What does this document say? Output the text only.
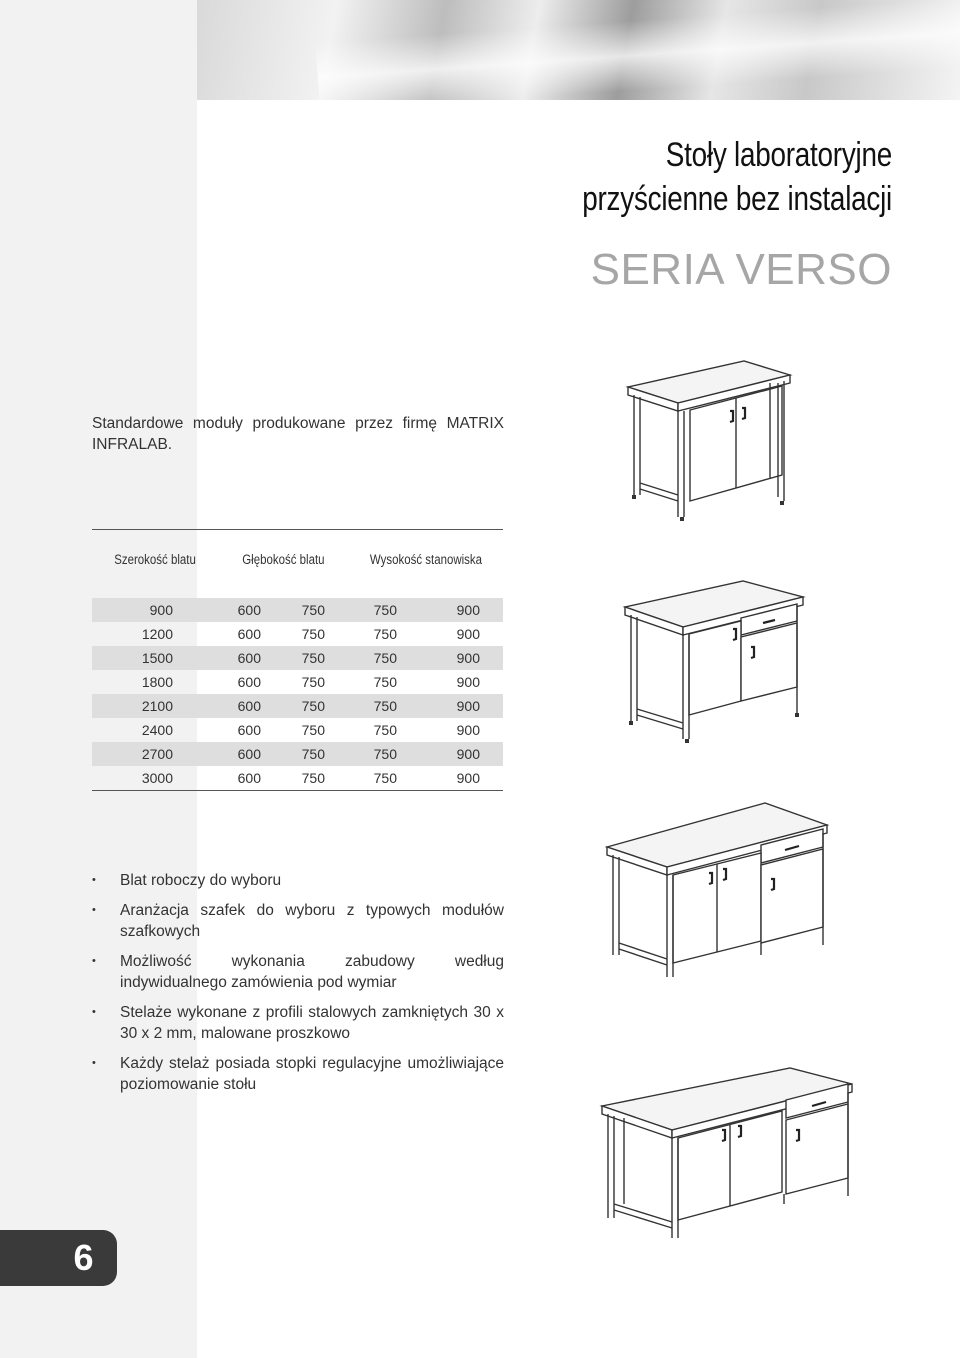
Stoły laboratoryjne
przyścienne bez instalacji
SERIA VERSO
Standardowe moduły produkowane przez firmę MATRIX INFRALAB.
Szerokość blatu	Głębokość blatu	Wysokość stanowiska
900	600	750	750	900
1200	600	750	750	900
1500	600	750	750	900
1800	600	750	750	900
2100	600	750	750	900
2400	600	750	750	900
2700	600	750	750	900
3000	600	750	750	900
• Blat roboczy do wyboru
• Aranżacja szafek do wyboru z typowych modułów szafkowych
• Możliwość wykonania zabudowy według indywidualnego zamówienia pod wymiar
• Stelaże wykonane z profili stalowych zamkniętych 30 x 30 x 2 mm, malowane proszkowo
• Każdy stelaż posiada stopki regulacyjne umożliwiające poziomowanie stołu
6
